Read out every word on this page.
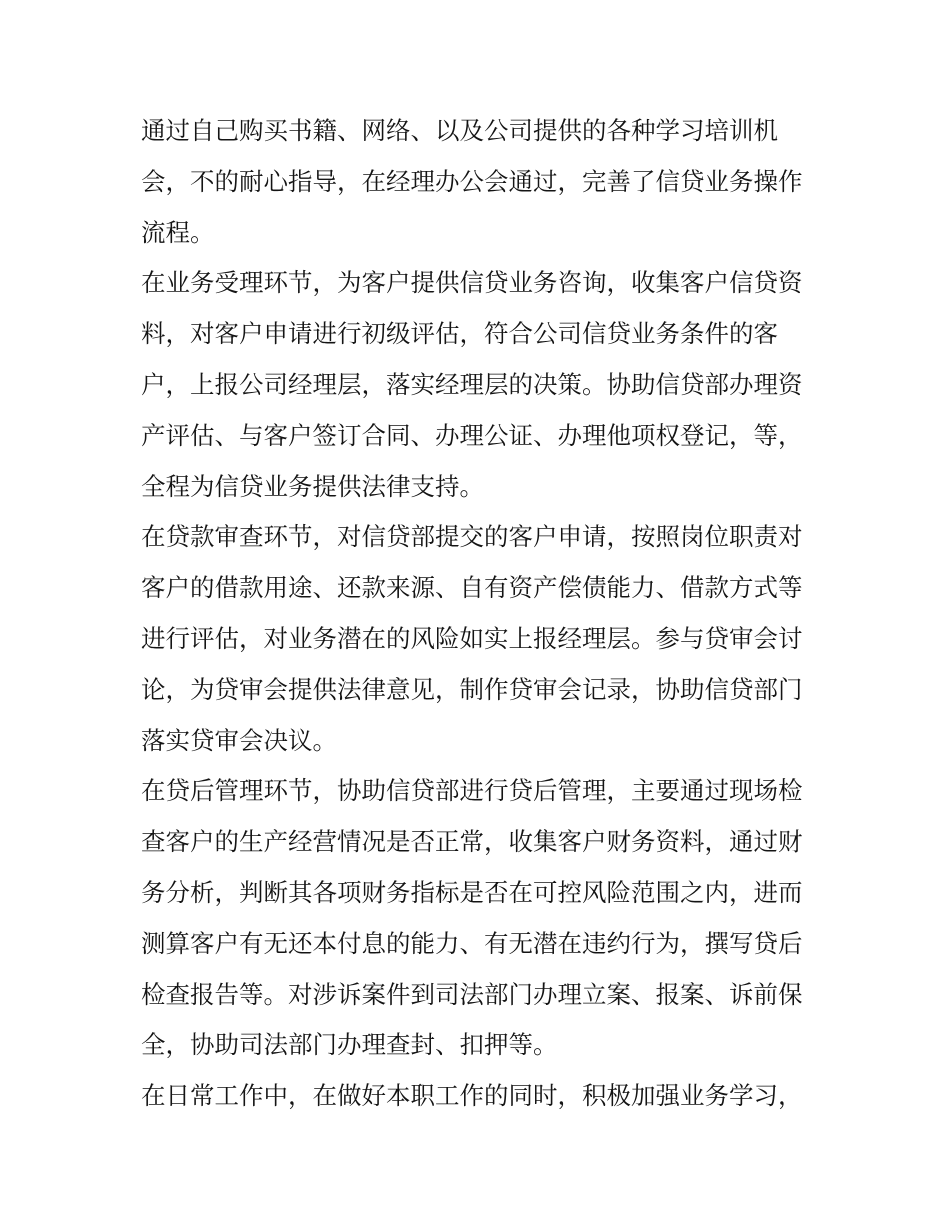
通过自己购买书籍、网络、以及公司提供的各种学习培训机
会，不的耐心指导，在经理办公会通过，完善了信贷业务操作
流程。
在业务受理环节，为客户提供信贷业务咨询，收集客户信贷资
料，对客户申请进行初级评估，符合公司信贷业务条件的客
户，上报公司经理层，落实经理层的决策。协助信贷部办理资
产评估、与客户签订合同、办理公证、办理他项权登记，等，
全程为信贷业务提供法律支持。
在贷款审查环节，对信贷部提交的客户申请，按照岗位职责对
客户的借款用途、还款来源、自有资产偿债能力、借款方式等
进行评估，对业务潜在的风险如实上报经理层。参与贷审会讨
论，为贷审会提供法律意见，制作贷审会记录，协助信贷部门
落实贷审会决议。
在贷后管理环节，协助信贷部进行贷后管理，主要通过现场检
查客户的生产经营情况是否正常，收集客户财务资料，通过财
务分析，判断其各项财务指标是否在可控风险范围之内，进而
测算客户有无还本付息的能力、有无潜在违约行为，撰写贷后
检查报告等。对涉诉案件到司法部门办理立案、报案、诉前保
全，协助司法部门办理查封、扣押等。
在日常工作中，在做好本职工作的同时，积极加强业务学习，
